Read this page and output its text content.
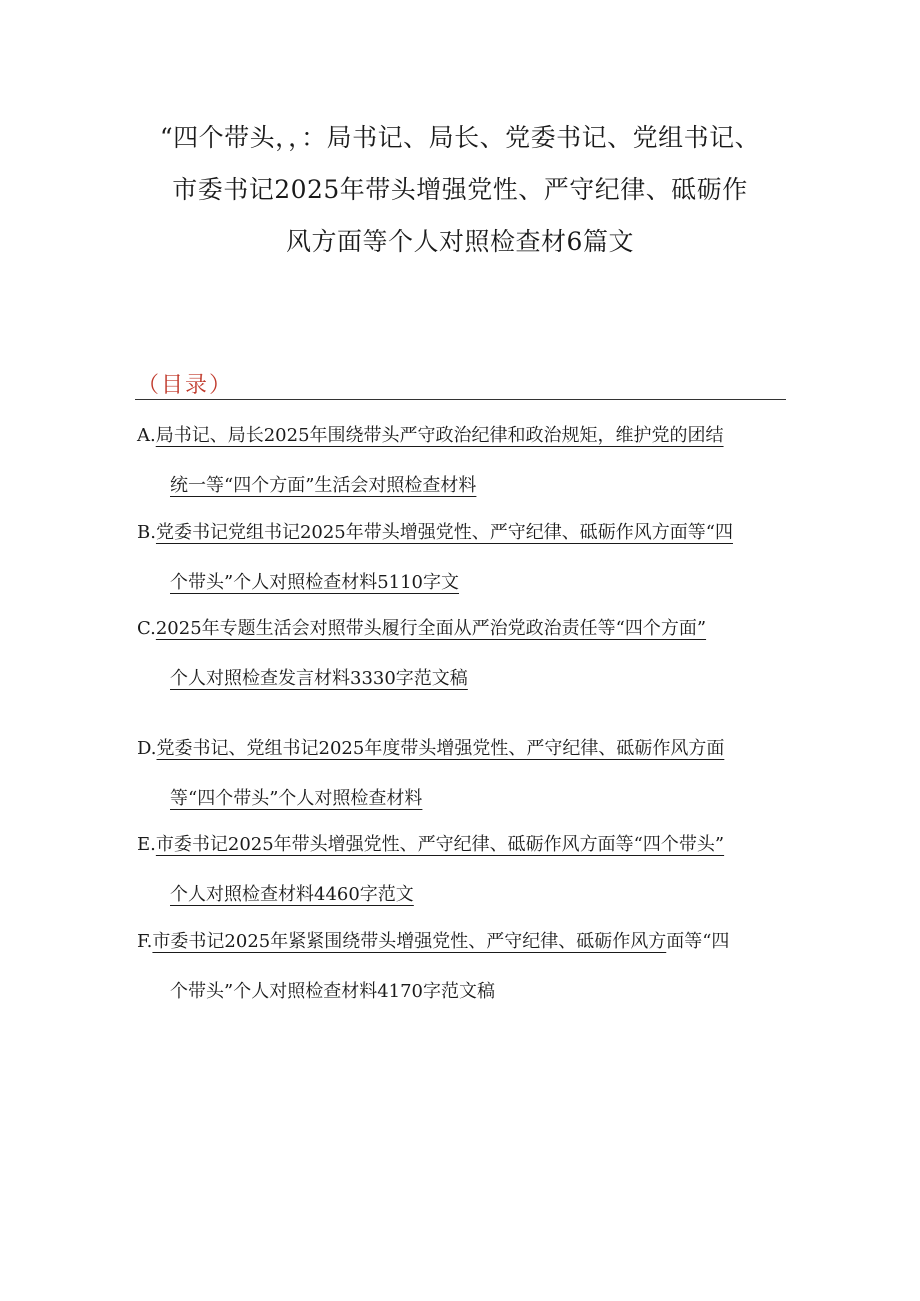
“四个带头，，：局书记、局长、党委书记、党组书记、
市委书记2025年带头增强党性、严守纪律、砥砺作
风方面等个人对照检查材6篇文
（目录）
A.局书记、局长2025年围绕带头严守政治纪律和政治规矩，维护党的团结
统一等“四个方面”生活会对照检查材料
B.党委书记党组书记2025年带头增强党性、严守纪律、砥砺作风方面等“四
个带头”个人对照检查材料5110字文
C.2025年专题生活会对照带头履行全面从严治党政治责任等“四个方面”
个人对照检查发言材料3330字范文稿
D.党委书记、党组书记2025年度带头增强党性、严守纪律、砥砺作风方面
等“四个带头”个人对照检查材料
E.市委书记2025年带头增强党性、严守纪律、砥砺作风方面等“四个带头”
个人对照检查材料4460字范文
F.市委书记2025年紧紧围绕带头增强党性、严守纪律、砥砺作风方面等“四
个带头”个人对照检查材料4170字范文稿
